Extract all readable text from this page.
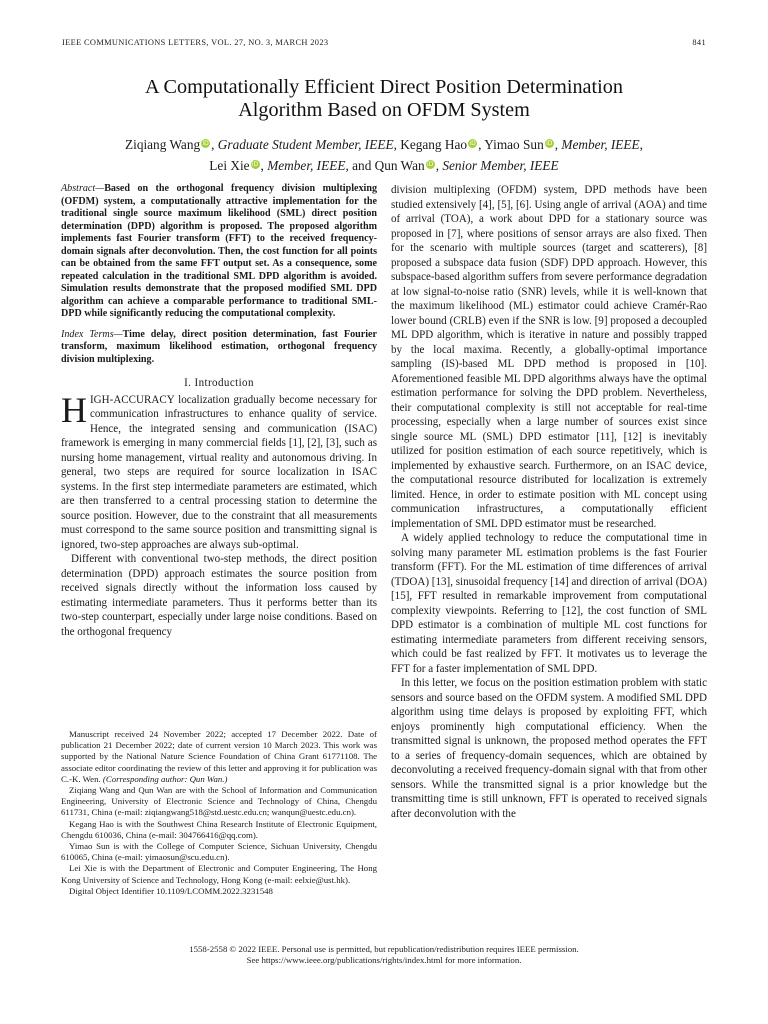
IEEE COMMUNICATIONS LETTERS, VOL. 27, NO. 3, MARCH 2023	841
A Computationally Efficient Direct Position Determination
Algorithm Based on OFDM System
Ziqiang Wang iD , Graduate Student Member, IEEE, Kegang Hao iD , Yimao Sun iD , Member, IEEE,
Lei Xie iD , Member, IEEE, and Qun Wan iD , Senior Member, IEEE
Abstract—Based on the orthogonal frequency division multiplexing (OFDM) system, a computationally attractive implementation for the traditional single source maximum likelihood (SML) direct position determination (DPD) algorithm is proposed. The proposed algorithm implements fast Fourier transform (FFT) to the received frequency-domain signals after deconvolution. Then, the cost function for all points can be obtained from the same FFT output set. As a consequence, some repeated calculation in the traditional SML DPD algorithm is avoided. Simulation results demonstrate that the proposed modified SML DPD algorithm can achieve a comparable performance to traditional SML-DPD while significantly reducing the computational complexity.
Index Terms—Time delay, direct position determination, fast Fourier transform, maximum likelihood estimation, orthogonal frequency division multiplexing.
I. Introduction

HIGH-ACCURACY localization gradually become necessary for communication infrastructures to enhance quality of service. Hence, the integrated sensing and communication (ISAC) framework is emerging in many commercial fields [1], [2], [3], such as nursing home management, virtual reality and autonomous driving. In general, two steps are required for source localization in ISAC systems. In the first step intermediate parameters are estimated, which are then transferred to a central processing station to determine the source position. However, due to the constraint that all measurements must correspond to the same source position and transmitting signal is ignored, two-step approaches are always sub-optimal.

Different with conventional two-step methods, the direct position determination (DPD) approach estimates the source position from received signals directly without the information loss caused by estimating intermediate parameters. Thus it performs better than its two-step counterpart, especially under large noise conditions. Based on the orthogonal frequency

Manuscript received 24 November 2022; accepted 17 December 2022. Date of publication 21 December 2022; date of current version 10 March 2023. This work was supported by the National Nature Science Foundation of China Grant 61771108. The associate editor coordinating the review of this letter and approving it for publication was C.-K. Wen. (Corresponding author: Qun Wan.)

Ziqiang Wang and Qun Wan are with the School of Information and Communication Engineering, University of Electronic Science and Technology of China, Chengdu 611731, China (e-mail: ziqiangwang518@std.uestc.edu.cn; wanqun@uestc.edu.cn).

Kegang Hao is with the Southwest China Research Institute of Electronic Equipment, Chengdu 610036, China (e-mail: 304766416@qq.com).

Yimao Sun is with the College of Computer Science, Sichuan University, Chengdu 610065, China (e-mail: yimaosun@scu.edu.cn).

Lei Xie is with the Department of Electronic and Computer Engineering, The Hong Kong University of Science and Technology, Hong Kong (e-mail: eelxie@ust.hk).

Digital Object Identifier 10.1109/LCOMM.2022.3231548

division multiplexing (OFDM) system, DPD methods have been studied extensively [4], [5], [6]. Using angle of arrival (AOA) and time of arrival (TOA), a work about DPD for a stationary source was proposed in [7], where positions of sensor arrays are also fixed. Then for the scenario with multiple sources (target and scatterers), [8] proposed a subspace data fusion (SDF) DPD approach. However, this subspace-based algorithm suffers from severe performance degradation at low signal-to-noise ratio (SNR) levels, while it is well-known that the maximum likelihood (ML) estimator could achieve Cramér-Rao lower bound (CRLB) even if the SNR is low. [9] proposed a decoupled ML DPD algorithm, which is iterative in nature and possibly trapped by the local maxima. Recently, a globally-optimal importance sampling (IS)-based ML DPD method is proposed in [10]. Aforementioned feasible ML DPD algorithms always have the optimal estimation performance for solving the DPD problem. Nevertheless, their computational complexity is still not acceptable for real-time processing, especially when a large number of sources exist since single source ML (SML) DPD estimator [11], [12] is inevitably utilized for position estimation of each source repetitively, which is implemented by exhaustive search. Furthermore, on an ISAC device, the computational resource distributed for localization is extremely limited. Hence, in order to estimate position with ML concept using communication infrastructures, a computationally efficient implementation of SML DPD estimator must be researched.

A widely applied technology to reduce the computational time in solving many parameter ML estimation problems is the fast Fourier transform (FFT). For the ML estimation of time differences of arrival (TDOA) [13], sinusoidal frequency [14] and direction of arrival (DOA) [15], FFT resulted in remarkable improvement from computational complexity viewpoints. Referring to [12], the cost function of SML DPD estimator is a combination of multiple ML cost functions for estimating intermediate parameters from different receiving sensors, which could be fast realized by FFT. It motivates us to leverage the FFT for a faster implementation of SML DPD.

In this letter, we focus on the position estimation problem with static sensors and source based on the OFDM system. A modified SML DPD algorithm using time delays is proposed by exploiting FFT, which enjoys prominently high computational efficiency. When the transmitted signal is unknown, the proposed method operates the FFT to a series of frequency-domain sequences, which are obtained by deconvoluting a received frequency-domain signal with that from other sensors. While the transmitted signal is a prior knowledge but the transmitting time is still unknown, FFT is operated to received signals after deconvolution with the

1558-2558 © 2022 IEEE. Personal use is permitted, but republication/redistribution requires IEEE permission.
See https://www.ieee.org/publications/rights/index.html for more information.
